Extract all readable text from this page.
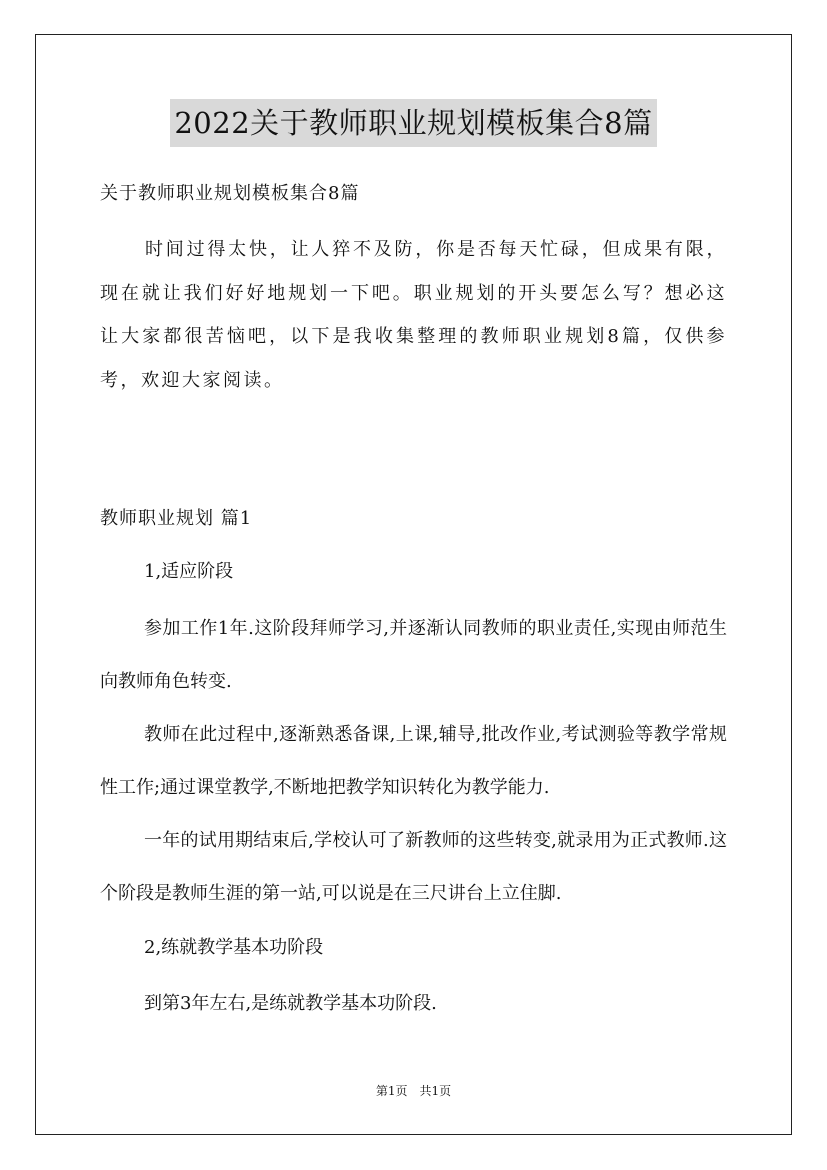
2022关于教师职业规划模板集合8篇

关于教师职业规划模板集合8篇

时间过得太快，让人猝不及防，你是否每天忙碌，但成果有限，现在就让我们好好地规划一下吧。职业规划的开头要怎么写？想必这让大家都很苦恼吧，以下是我收集整理的教师职业规划8篇，仅供参考，欢迎大家阅读。

教师职业规划 篇1

1,适应阶段

参加工作1年.这阶段拜师学习,并逐渐认同教师的职业责任,实现由师范生向教师角色转变.

教师在此过程中,逐渐熟悉备课,上课,辅导,批改作业,考试测验等教学常规性工作;通过课堂教学,不断地把教学知识转化为教学能力.

一年的试用期结束后,学校认可了新教师的这些转变,就录用为正式教师.这个阶段是教师生涯的第一站,可以说是在三尺讲台上立住脚.

2,练就教学基本功阶段

到第3年左右,是练就教学基本功阶段.

第1页 共1页
